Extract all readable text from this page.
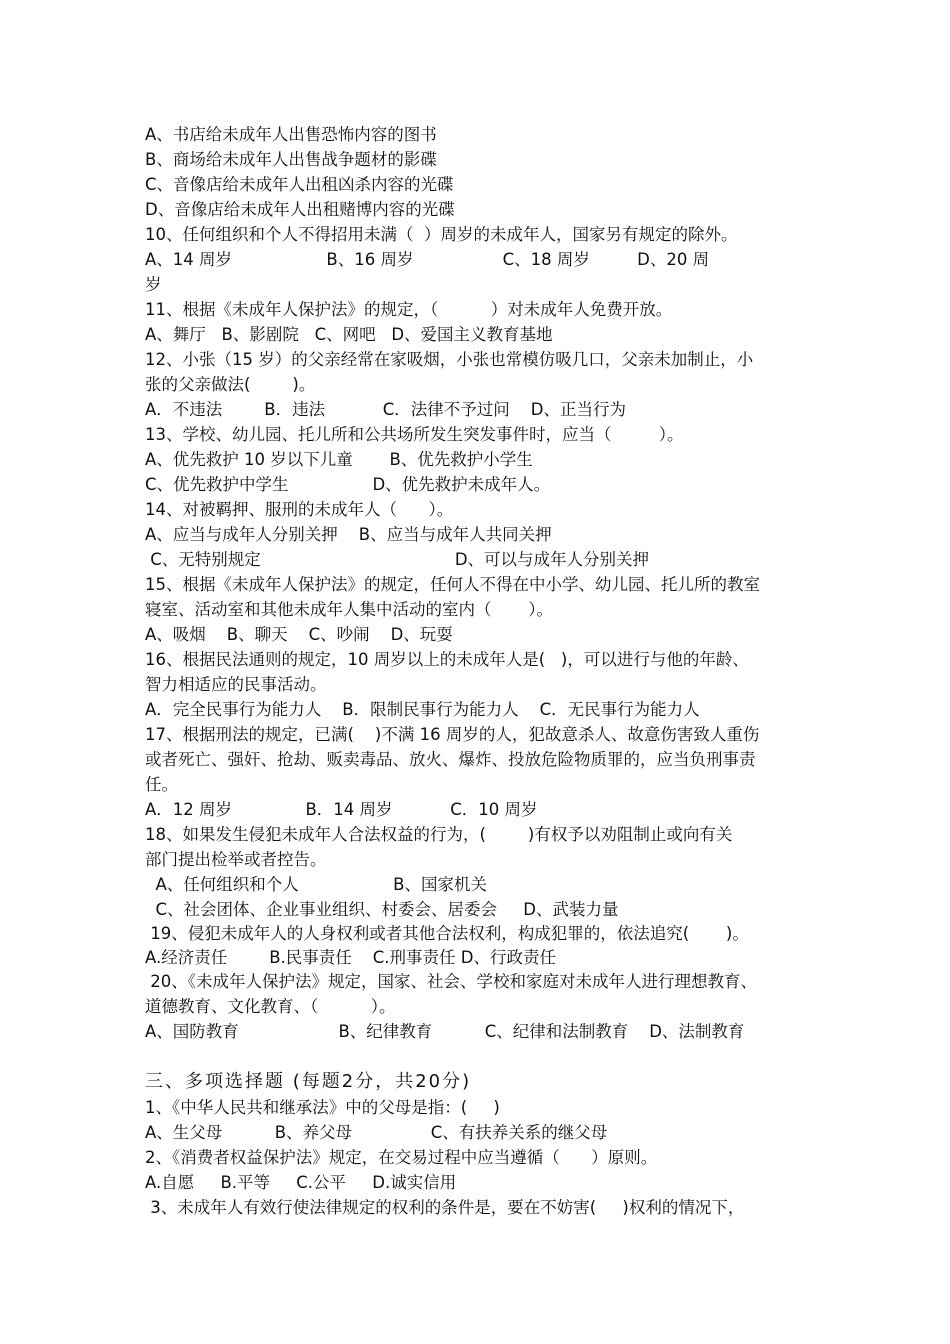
A、书店给未成年人出售恐怖内容的图书
B、商场给未成年人出售战争题材的影碟
C、音像店给未成年人出租凶杀内容的光碟
D、音像店给未成年人出租赌博内容的光碟
10、任何组织和个人不得招用未满（  ）周岁的未成年人，国家另有规定的除外。
A、14 周岁                  B、16 周岁                 C、18 周岁         D、20 周
岁
11、根据《未成年人保护法》的规定，（          ）对未成年人免费开放。
A、舞厅   B、影剧院   C、网吧   D、爱国主义教育基地
12、小张（15 岁）的父亲经常在家吸烟，小张也常模仿吸几口，父亲未加制止，小
张的父亲做法(        )。
A．不违法        B．违法           C．法律不予过问    D、正当行为
13、学校、幼儿园、托儿所和公共场所发生突发事件时，应当（         ）。
A、优先救护 10 岁以下儿童       B、优先救护小学生
C、优先救护中学生                D、优先救护未成年人。
14、对被羁押、服刑的未成年人（      ）。
A、应当与成年人分别关押    B、应当与成年人共同关押
C、无特别规定                                     D、可以与成年人分别关押
15、根据《未成年人保护法》的规定，任何人不得在中小学、幼儿园、托儿所的教室
寝室、活动室和其他未成年人集中活动的室内（       ）。
A、吸烟    B、聊天    C、吵闹    D、玩耍
16、根据民法通则的规定，10 周岁以上的未成年人是(   )，可以进行与他的年龄、
智力相适应的民事活动。
A．完全民事行为能力人    B．限制民事行为能力人    C．无民事行为能力人
17、根据刑法的规定，已满(    )不满 16 周岁的人，犯故意杀人、故意伤害致人重伤
或者死亡、强奸、抢劫、贩卖毒品、放火、爆炸、投放危险物质罪的，应当负刑事责
任。
A．12 周岁              B．14 周岁           C．10 周岁
18、如果发生侵犯未成年人合法权益的行为，(        )有权予以劝阻制止或向有关
部门提出检举或者控告。
A、任何组织和个人                  B、国家机关
C、社会团体、企业事业组织、村委会、居委会     D、武装力量
19、侵犯未成年人的人身权利或者其他合法权利，构成犯罪的，依法追究(       )。
A.经济责任        B.民事责任    C.刑事责任 D、行政责任
20、《未成年人保护法》规定，国家、社会、学校和家庭对未成年人进行理想教育、
道德教育、文化教育、（          ）。
A、国防教育                   B、纪律教育          C、纪律和法制教育    D、法制教育
三、多项选择题 (每题2分，共20分)
1、《中华人民共和继承法》中的父母是指：(     )
A、生父母          B、养父母               C、有扶养关系的继父母
2、《消费者权益保护法》规定，在交易过程中应当遵循（      ）原则。
A.自愿     B.平等     C.公平     D.诚实信用
3、未成年人有效行使法律规定的权利的条件是，要在不妨害(     )权利的情况下，
